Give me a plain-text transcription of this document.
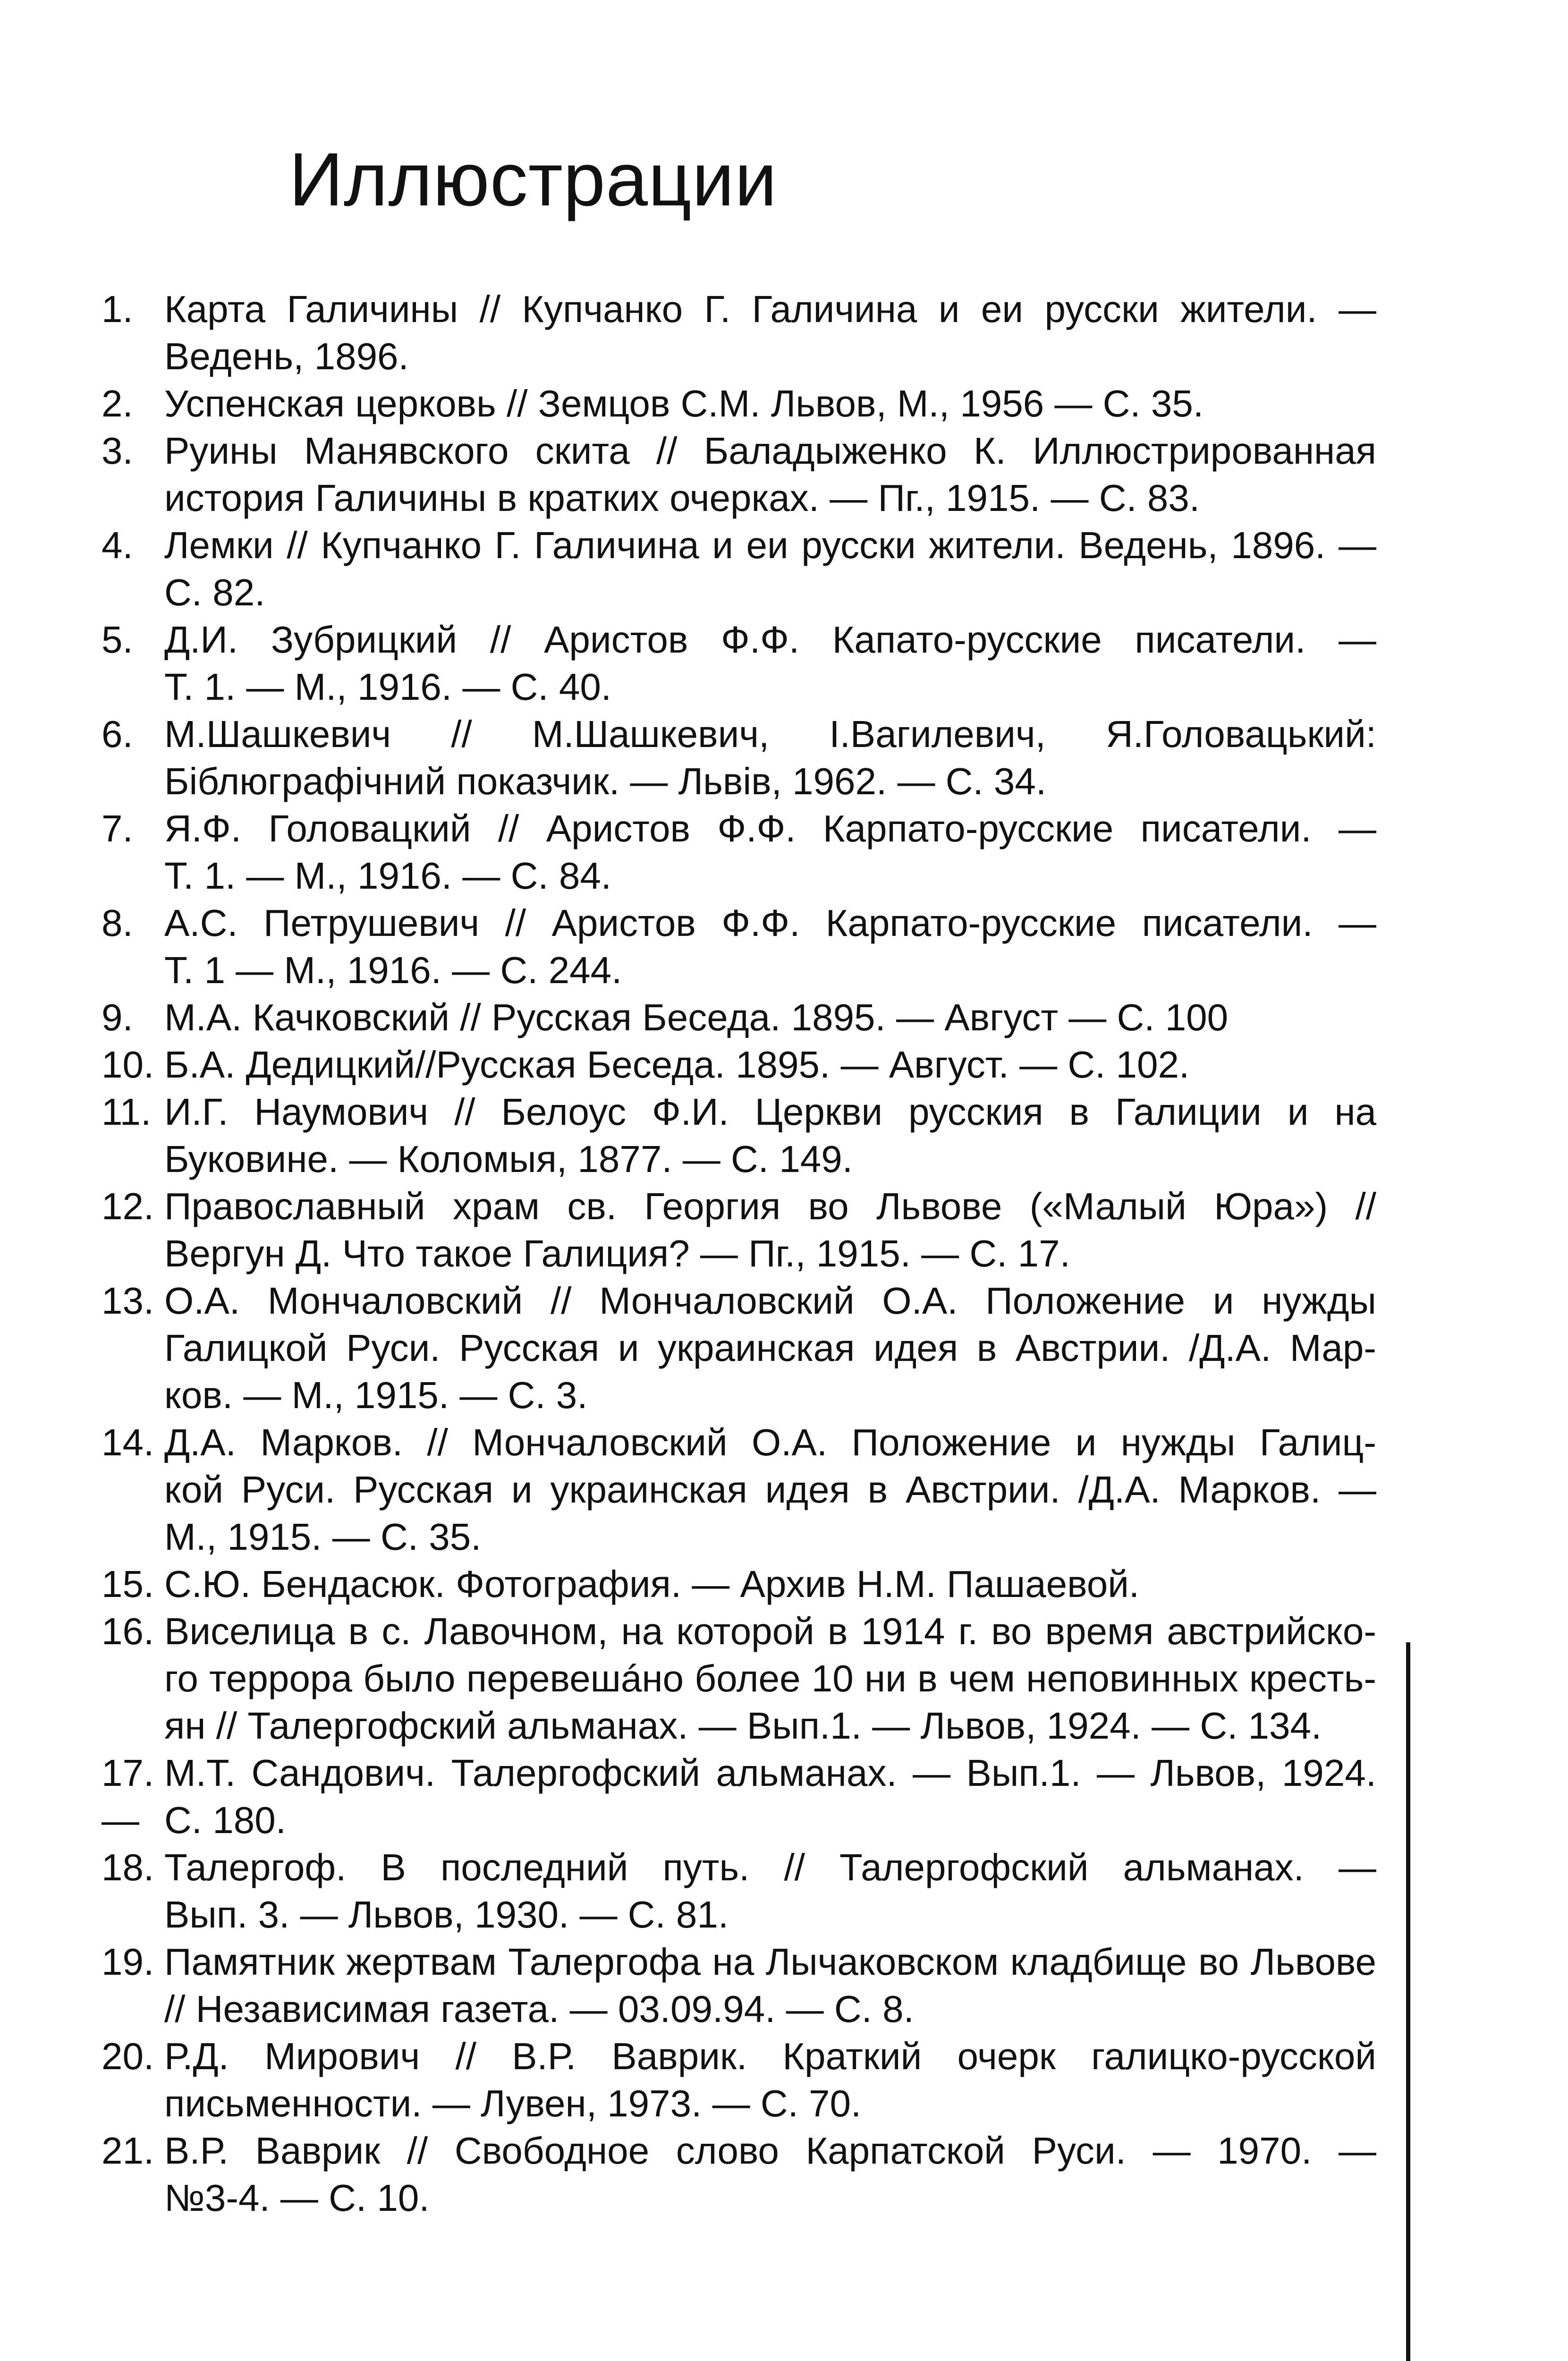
Иллюстрации
1. Карта Галичины // Купчанко Г. Галичина и еи русски жители. —
Ведень, 1896.
2. Успенская церковь // Земцов С.М. Львов, М., 1956 — С. 35.
3. Руины Манявского скита // Баладыженко К. Иллюстрированная
история Галичины в кратких очерках. — Пг., 1915. — С. 83.
4. Лемки // Купчанко Г. Галичина и еи русски жители. Ведень, 1896. —
С. 82.
5. Д.И. Зубрицкий // Аристов Ф.Ф. Капато-русские писатели. —
Т. 1. — М., 1916. — С. 40.
6. М.Шашкевич // М.Шашкевич, І.Вагилевич, Я.Головацький:
Бiблюграфiчний показчик. — Львiв, 1962. — С. 34.
7. Я.Ф. Головацкий // Аристов Ф.Ф. Карпато-русские писатели. —
Т. 1. — М., 1916. — С. 84.
8. А.С. Петрушевич // Аристов Ф.Ф. Карпато-русские писатели. —
Т. 1 — М., 1916. — С. 244.
9. М.А. Качковский // Русская Беседа. 1895. — Август — С. 100
10. Б.А. Дедицкий//Русская Беседа. 1895. — Август. — С. 102.
11. И.Г. Наумович // Белоус Ф.И. Церкви русския в Галиции и на
Буковине. — Коломыя, 1877. — С. 149.
12. Православный храм св. Георгия во Львове («Малый Юра») //
Вергун Д. Что такое Галиция? — Пг., 1915. — С. 17.
13. О.А. Мончаловский // Мончаловский О.А. Положение и нужды
Галицкой Руси. Русская и украинская идея в Австрии. /Д.А. Мар-
ков. — М., 1915. — С. 3.
14. Д.А. Марков. // Мончаловский О.А. Положение и нужды Галиц-
кой Руси. Русская и украинская идея в Австрии. /Д.А. Марков. —
М., 1915. — С. 35.
15. С.Ю. Бендасюк. Фотография. — Архив Н.М. Пашаевой.
16. Виселица в с. Лавочном, на которой в 1914 г. во время австрийско-
го террора было перевешáно более 10 ни в чем неповинных кресть-
ян // Талергофский альманах. — Вып.1. — Львов, 1924. — С. 134.
17. М.Т. Сандович. Талергофский альманах. — Вып.1. — Львов, 1924. — С. 180.
18. Талергоф. В последний путь. // Талергофский альманах. —
Вып. 3. — Львов, 1930. — С. 81.
19. Памятник жертвам Талергофа на Лычаковском кладбище во Львове
// Независимая газета. — 03.09.94. — С. 8.
20. Р.Д. Мирович // В.Р. Ваврик. Краткий очерк галицко-русской
письменности. — Лувен, 1973. — С. 70.
21. В.Р. Ваврик // Свободное слово Карпатской Руси. — 1970. —
№3-4. — С. 10.
